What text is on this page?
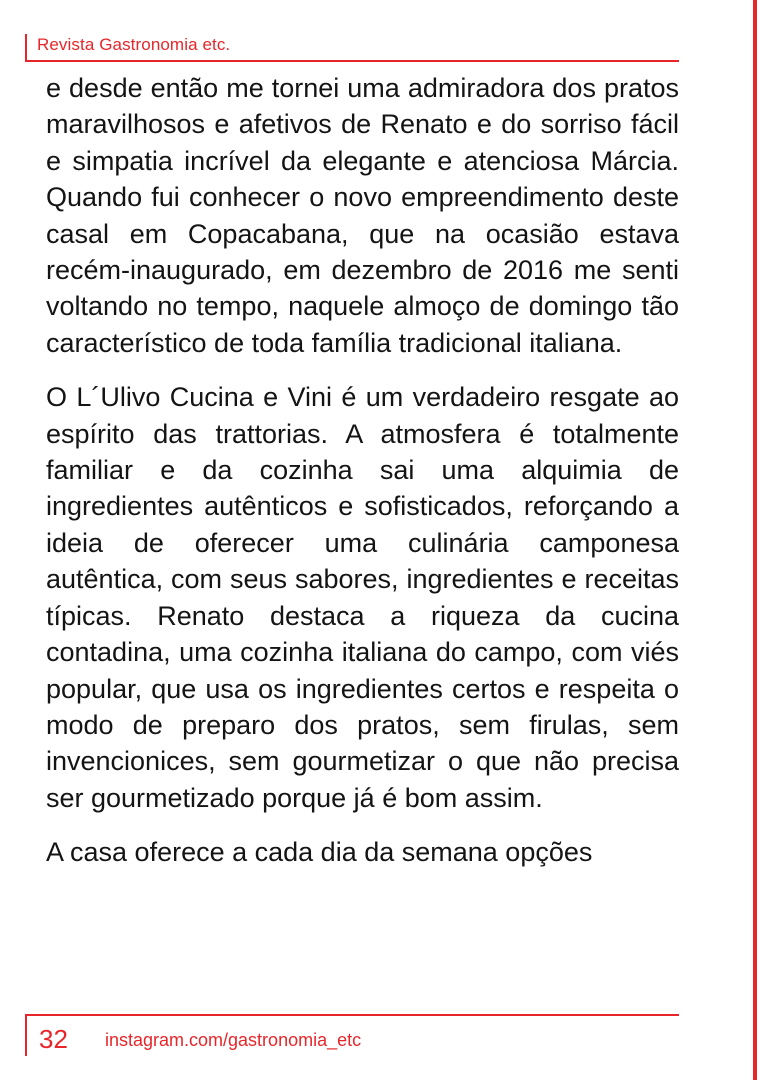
Revista Gastronomia etc.

e desde então me tornei uma admiradora dos pratos maravilhosos e afetivos de Renato e do sorriso fácil e simpatia incrível da elegante e atenciosa Márcia. Quando fui conhecer o novo empreendimento deste casal em Copacabana, que na ocasião estava recém-inaugurado, em dezembro de 2016 me senti voltando no tempo, naquele almoço de domingo tão característico de toda família tradicional italiana.

O L´Ulivo Cucina e Vini é um verdadeiro resgate ao espírito das trattorias. A atmosfera é totalmente familiar e da cozinha sai uma alquimia de ingredientes autênticos e sofisticados, reforçando a ideia de oferecer uma culinária camponesa autêntica, com seus sabores, ingredientes e receitas típicas. Renato destaca a riqueza da cucina contadina, uma cozinha italiana do campo, com viés popular, que usa os ingredientes certos e respeita o modo de preparo dos pratos, sem firulas, sem invencionices, sem gourmetizar o que não precisa ser gourmetizado porque já é bom assim.

A casa oferece a cada dia da semana opções

32 instagram.com/gastronomia_etc
